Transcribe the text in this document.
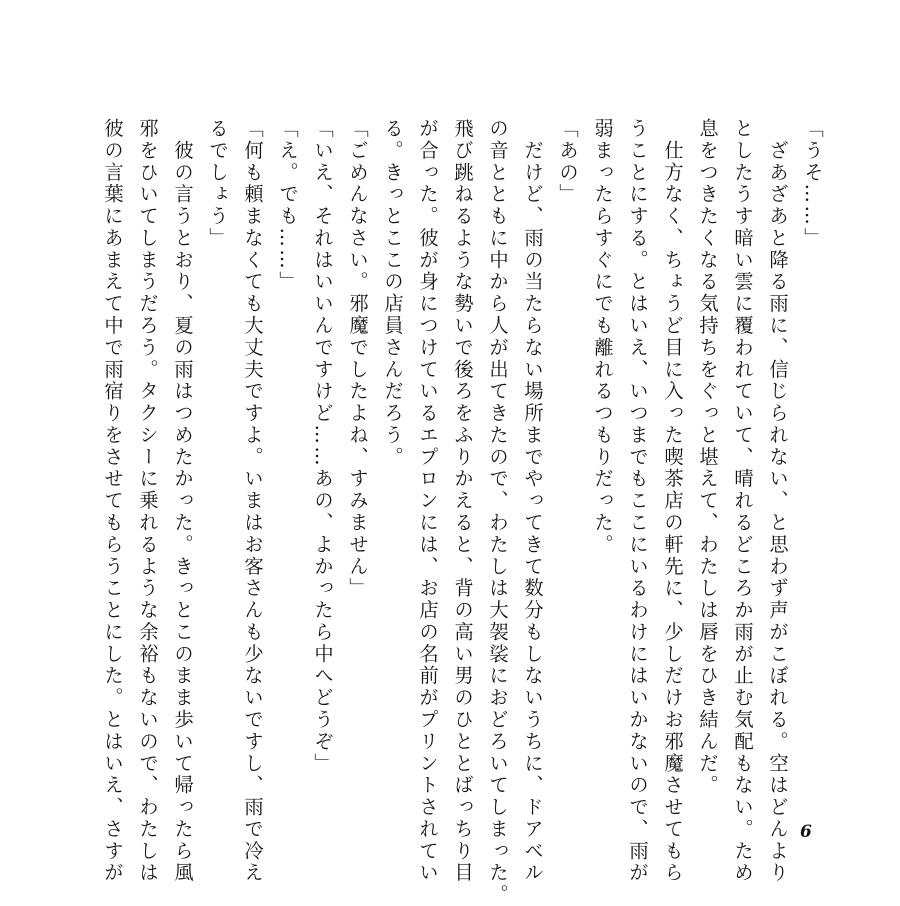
「うそ……」
　ざあざあと降る雨に、信じられない、と思わず声がこぼれる。空はどんより
としたうす暗い雲に覆われていて、晴れるどころか雨が止む気配もない。ため
息をつきたくなる気持ちをぐっと堪えて、わたしは唇をひき結んだ。
　仕方なく、ちょうど目に入った喫茶店の軒先に、少しだけお邪魔させてもら
うことにする。とはいえ、いつまでもここにいるわけにはいかないので、雨が
弱まったらすぐにでも離れるつもりだった。
「あの」
　だけど、雨の当たらない場所までやってきて数分もしないうちに、ドアベル
の音とともに中から人が出てきたので、わたしは大袈裟におどろいてしまった。
飛び跳ねるような勢いで後ろをふりかえると、背の高い男のひととばっちり目
が合った。彼が身につけているエプロンには、お店の名前がプリントされてい
る。きっとここの店員さんだろう。
「ごめんなさい。邪魔でしたよね、すみません」
「いえ、それはいいんですけど……あの、よかったら中へどうぞ」
「え。でも……」
「何も頼まなくても大丈夫ですよ。いまはお客さんも少ないですし、雨で冷え
るでしょう」
　彼の言うとおり、夏の雨はつめたかった。きっとこのまま歩いて帰ったら風
邪をひいてしまうだろう。タクシーに乗れるような余裕もないので、わたしは
彼の言葉にあまえて中で雨宿りをさせてもらうことにした。とはいえ、さすが	6
